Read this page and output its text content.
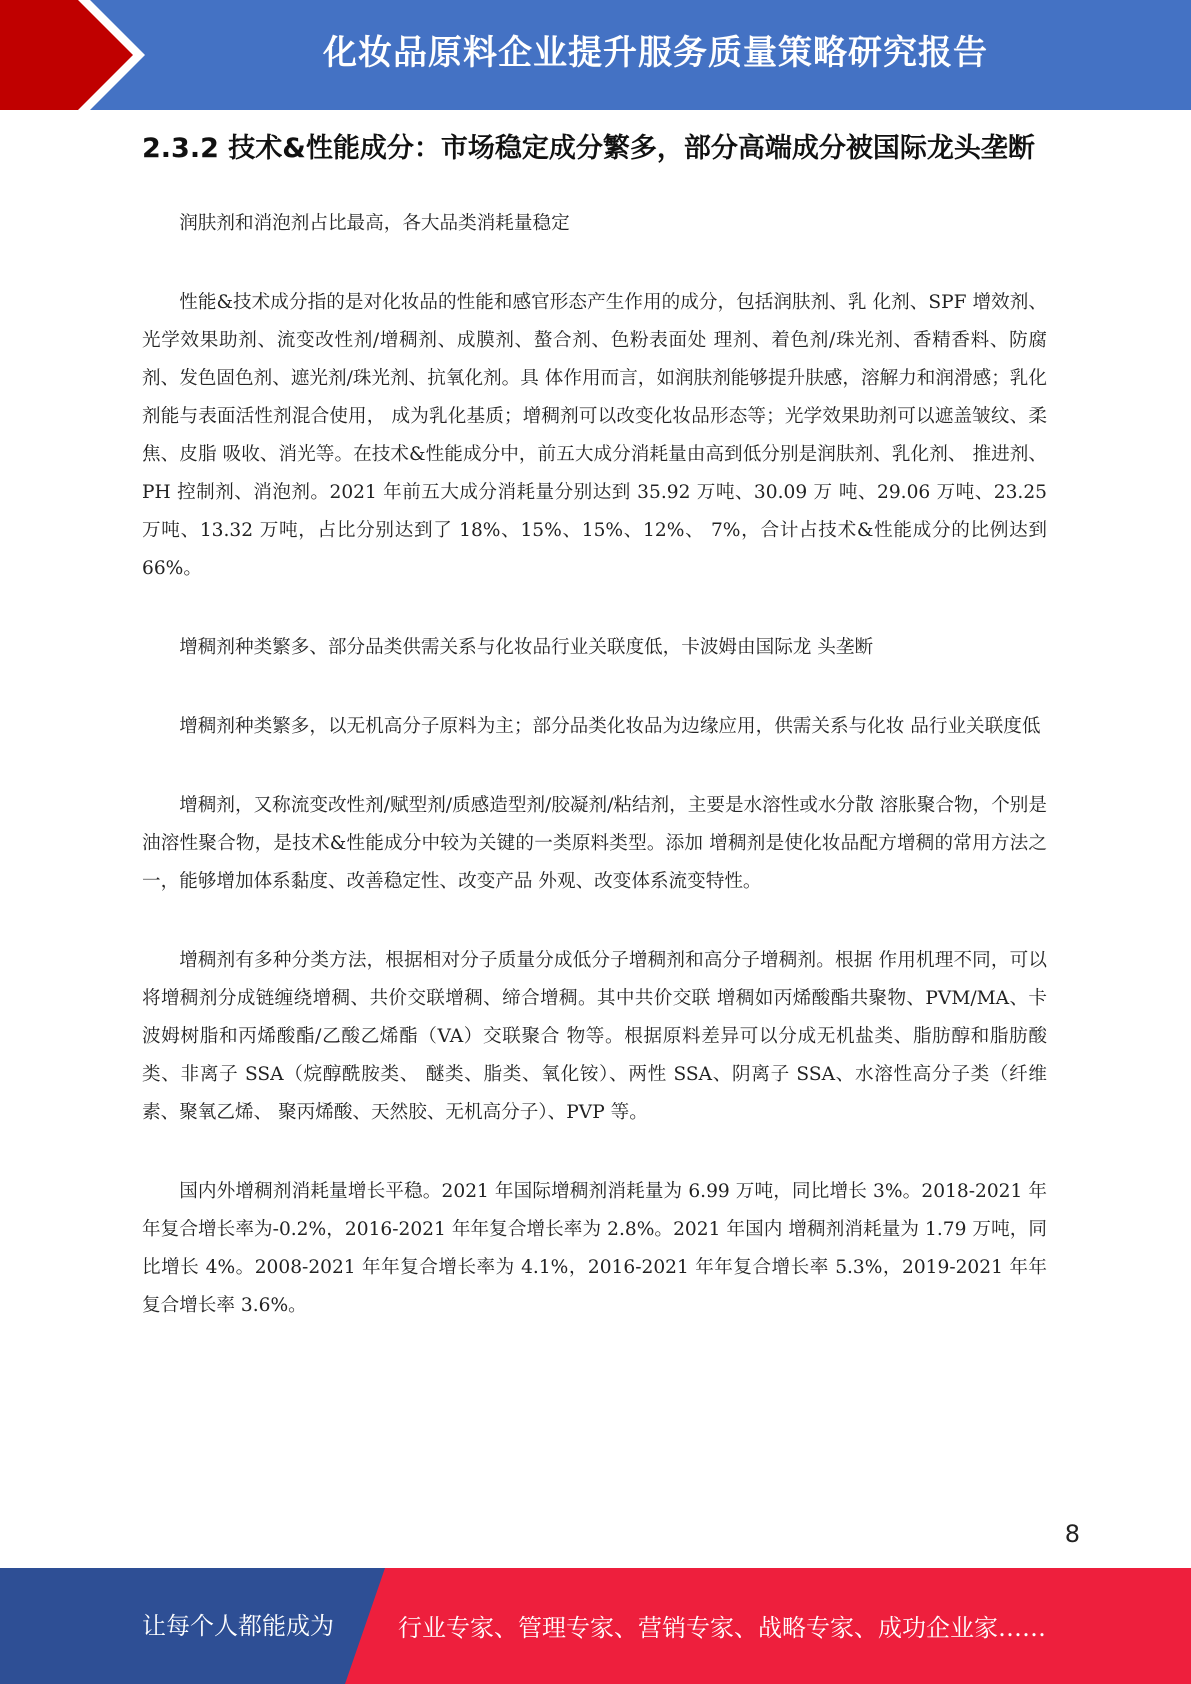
化妆品原料企业提升服务质量策略研究报告
2.3.2 技术&性能成分：市场稳定成分繁多，部分高端成分被国际龙头垄断

润肤剂和消泡剂占比最高，各大品类消耗量稳定

性能&技术成分指的是对化妆品的性能和感官形态产生作用的成分，包括润肤剂、乳 化剂、SPF 增效剂、光学效果助剂、流变改性剂/增稠剂、成膜剂、螯合剂、色粉表面处 理剂、着色剂/珠光剂、香精香料、防腐剂、发色固色剂、遮光剂/珠光剂、抗氧化剂。具 体作用而言，如润肤剂能够提升肤感，溶解力和润滑感；乳化剂能与表面活性剂混合使用， 成为乳化基质；增稠剂可以改变化妆品形态等；光学效果助剂可以遮盖皱纹、柔焦、皮脂 吸收、消光等。在技术&性能成分中，前五大成分消耗量由高到低分别是润肤剂、乳化剂、 推进剂、PH 控制剂、消泡剂。2021 年前五大成分消耗量分别达到 35.92 万吨、30.09 万 吨、29.06 万吨、23.25 万吨、13.32 万吨，占比分别达到了 18%、15%、15%、12%、 7%，合计占技术&性能成分的比例达到 66%。

增稠剂种类繁多、部分品类供需关系与化妆品行业关联度低，卡波姆由国际龙 头垄断

增稠剂种类繁多，以无机高分子原料为主；部分品类化妆品为边缘应用，供需关系与化妆 品行业关联度低

增稠剂，又称流变改性剂/赋型剂/质感造型剂/胶凝剂/粘结剂，主要是水溶性或水分散 溶胀聚合物，个别是油溶性聚合物，是技术&性能成分中较为关键的一类原料类型。添加 增稠剂是使化妆品配方增稠的常用方法之一，能够增加体系黏度、改善稳定性、改变产品 外观、改变体系流变特性。

增稠剂有多种分类方法，根据相对分子质量分成低分子增稠剂和高分子增稠剂。根据 作用机理不同，可以将增稠剂分成链缠绕增稠、共价交联增稠、缔合增稠。其中共价交联 增稠如丙烯酸酯共聚物、PVM/MA、卡波姆树脂和丙烯酸酯/乙酸乙烯酯（VA）交联聚合 物等。根据原料差异可以分成无机盐类、脂肪醇和脂肪酸类、非离子 SSA（烷醇酰胺类、 醚类、脂类、氧化铵）、两性 SSA、阴离子 SSA、水溶性高分子类（纤维素、聚氧乙烯、 聚丙烯酸、天然胶、无机高分子）、PVP 等。

国内外增稠剂消耗量增长平稳。2021 年国际增稠剂消耗量为 6.99 万吨，同比增长 3%。2018-2021 年年复合增长率为-0.2%，2016-2021 年年复合增长率为 2.8%。2021 年国内 增稠剂消耗量为 1.79 万吨，同比增长 4%。2008-2021 年年复合增长率为 4.1%，2016-2021 年年复合增长率 5.3%，2019-2021 年年复合增长率 3.6%。

8
让每个人都能成为	行业专家、管理专家、营销专家、战略专家、成功企业家……
